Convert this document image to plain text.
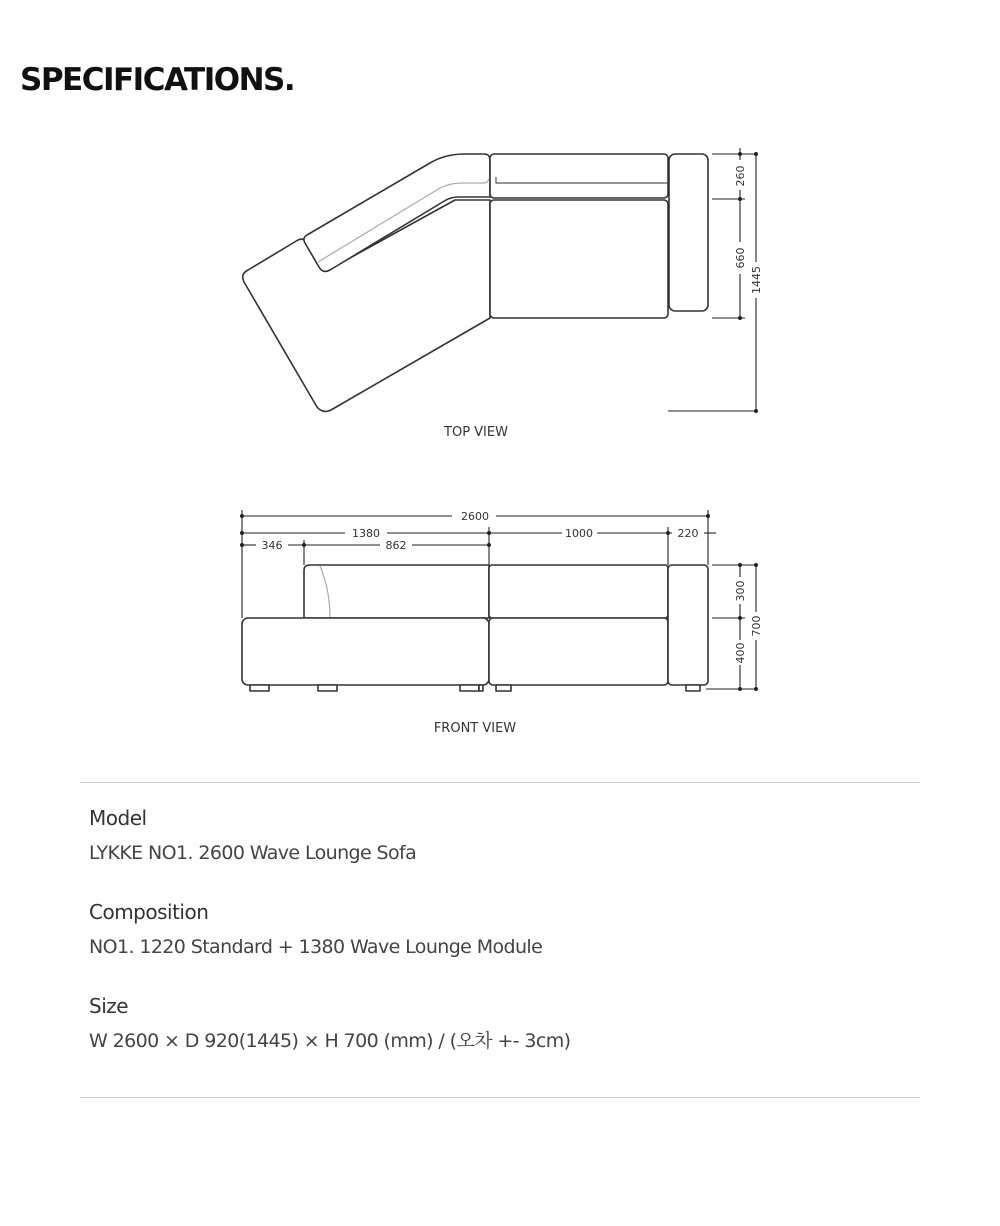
SPECIFICATIONS.
260
660
1445
TOP VIEW
2600
1380	1000	220
346	862
300
400
700
FRONT VIEW
Model
LYKKE NO1. 2600 Wave Lounge Sofa
Composition
NO1. 1220 Standard + 1380 Wave Lounge Module
Size
W 2600 × D 920(1445) × H 700 (mm) / (오차 +- 3cm)
